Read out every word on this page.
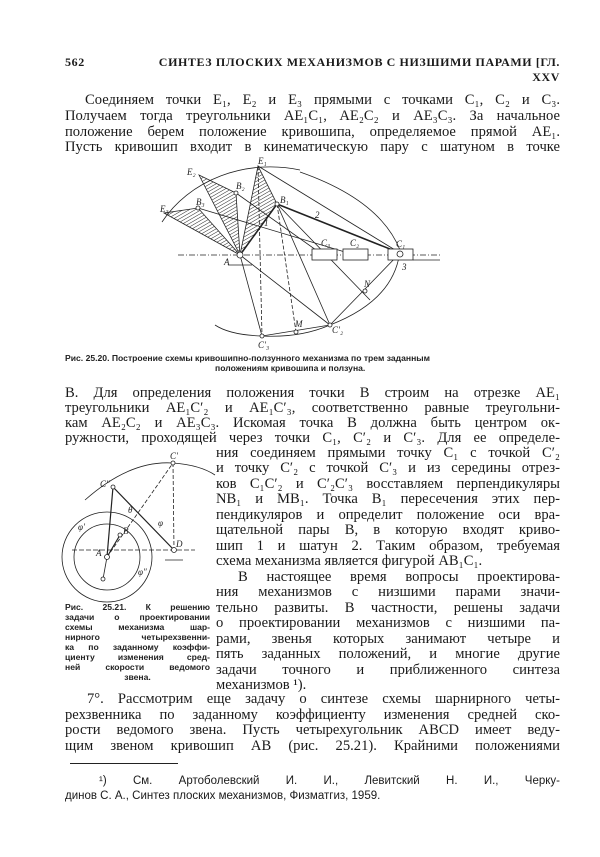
562	СИНТЕЗ ПЛОСКИХ МЕХАНИЗМОВ С НИЗШИМИ ПАРАМИ [ГЛ. XXV
Соединяем точки E₁, E₂ и E₃ прямыми с точками C₁, C₂ и C₃.
Получаем тогда треугольники AE₁C₁, AE₂C₂ и AE₃C₃. За начальное
положение берем положение кривошипа, определяемое прямой AE₁.
Пусть кривошип входит в кинематическую пару с шатуном в точке
E₁
E₂
E₃
B₁
B₂
B₃
A
C₁
C₂
C₃
N
M
C′₂
C′₃
1
2
3
Рис. 25.20. Построение схемы кривошипно-ползунного механизма по трем заданным
положениям кривошипа и ползуна.
B. Для определения положения точки B строим на отрезке AE₁
треугольники AE₁C′₂ и AE₁C′₃, соответственно равные треугольни-
кам AE₂C₂ и AE₃C₃. Искомая точка B должна быть центром ок-
ружности, проходящей через точки C₁, C′₂ и C′₃. Для ее определе-
ния соединяем прямыми точку C₁ с точкой C′₂
и точку C′₂ с точкой C′₃ и из середины отрез-
ков C₁C′₂ и C′₂C′₃ восставляем перпендикуляры
NB₁ и MB₁. Точка B₁ пересечения этих пер-
пендикуляров и определит положение оси вра-
щательной пары B, в которую входят криво-
шип 1 и шатун 2. Таким образом, требуемая
схема механизма является фигурой AB₁C₁.
В настоящее время вопросы проектирова-
ния механизмов с низшими парами значи-
тельно развиты. В частности, решены задачи
о проектировании механизмов с низшими па-
рами, звенья которых занимают четыре и
пять заданных положений, и многие другие
задачи точного и приближенного синтеза
механизмов ¹).
C′
C″
A
D
B
θ
φ
φ′
φ″
Рис. 25.21. К решению
задачи о проектировании
схемы механизма шар-
нирного четырехзвенни-
ка по заданному коэффи-
циенту изменения сред-
ней скорости ведомого
звена.
7°. Рассмотрим еще задачу о синтезе схемы шарнирного четы-
рехзвенника по заданному коэффициенту изменения средней ско-
рости ведомого звена. Пусть четырехугольник ABCD имеет веду-
щим звеном кривошип AB (рис. 25.21). Крайними положениями
¹) См. Артоболевский И. И., Левитский Н. И., Черку-
динов С. А., Синтез плоских механизмов, Физматгиз, 1959.
